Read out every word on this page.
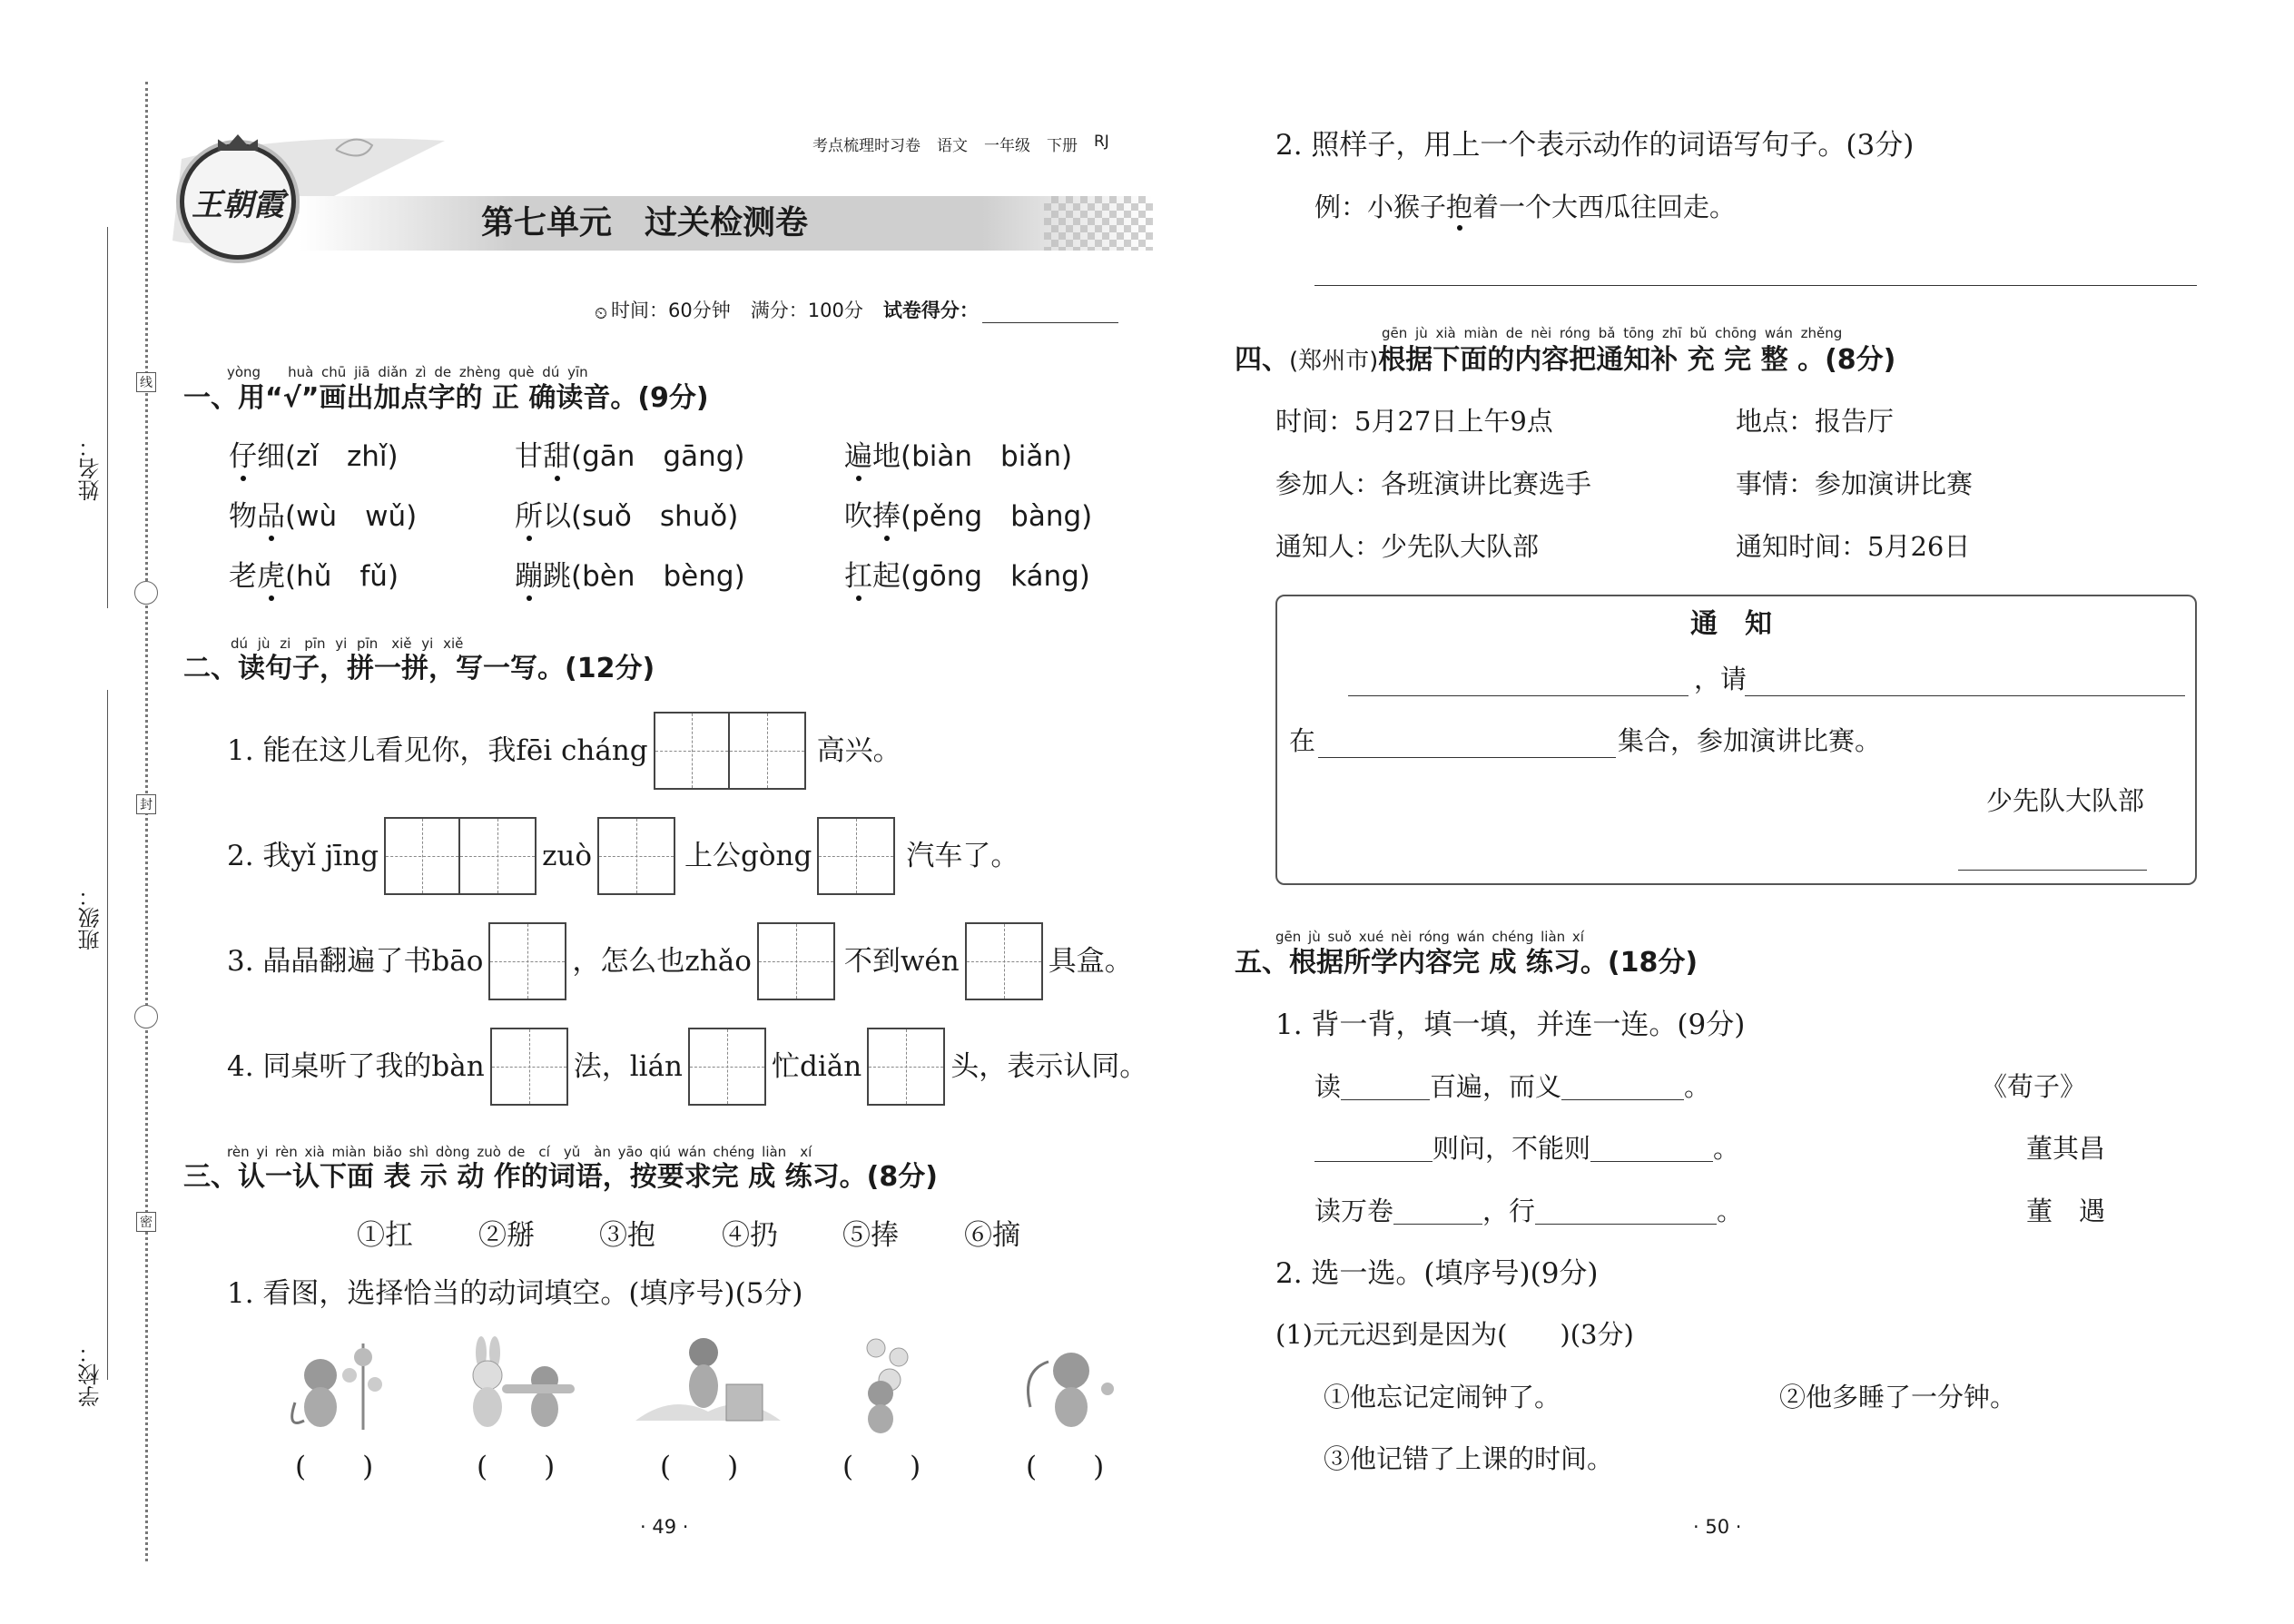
姓名：
班级：
学校：
线
封
密
王朝霞
考点梳理时习卷 语文 一年级 下册 RJ
第七单元　过关检测卷
⏲ 时间：60分钟 满分：100分 试卷得分：
yòng　　huà chū jiā diǎn zì de zhèng què dú yīn
一、用“√”画出加点字的 正 确读音。(9分)
仔细(zǐ　zhǐ)	甘甜(gān　gāng)	遍地(biàn　biǎn)
物品(wù　wǔ)	所以(suǒ　shuǒ)	吹捧(pěng　bàng)
老虎(hǔ　fǔ)	蹦跳(bèn　bèng)	扛起(gōng　káng)
dú jù zi　pīn yi pīn　xiě yi xiě
二、读句子，拼一拼，写一写。(12分)
1. 能在这儿看见你，我fēi cháng	高兴。
2. 我yǐ jīng	zuò	上公gòng	汽车了。
3. 晶晶翻遍了书bāo	，怎么也zhǎo	不到wén	具盒。
4. 同桌听了我的bàn	法，lián	忙diǎn	头，表示认同。
rèn yi rèn xià miàn biǎo shì dòng zuò de　cí　yǔ　àn yāo qiú wán chéng liàn　xí
三、认一认下面 表 示 动 作的词语，按要求完 成 练习。(8分)
①扛 ②掰 ③抱 ④扔 ⑤捧 ⑥摘
1. 看图，选择恰当的动词填空。(填序号)(5分)
(　　)	(　　)	(　　)	(　　)	(　　)
· 49 ·
2. 照样子，用上一个表示动作的词语写句子。(3分)
例：小猴子抱着一个大西瓜往回走。
gēn jù xià miàn de nèi róng bǎ tōng zhī bǔ chōng wán zhěng
四、(郑州市)根据下面的内容把通知补 充 完 整 。(8分)
时间：5月27日上午9点	地点：报告厅
参加人：各班演讲比赛选手	事情：参加演讲比赛
通知人：少先队大队部	通知时间：5月26日
通　知
，请
在	集合，参加演讲比赛。
少先队大队部
gēn jù suǒ xué nèi róng wán chéng liàn xí
五、根据所学内容完 成 练习。(18分)
1. 背一背，填一填，并连一连。(9分)
读	百遍，而义	。
则问，不能则	。
读万卷	，行	。
《荀子》
董其昌
董　遇
2. 选一选。(填序号)(9分)
(1)元元迟到是因为(　　)(3分)
①他忘记定闹钟了。	②他多睡了一分钟。
③他记错了上课的时间。
· 50 ·
